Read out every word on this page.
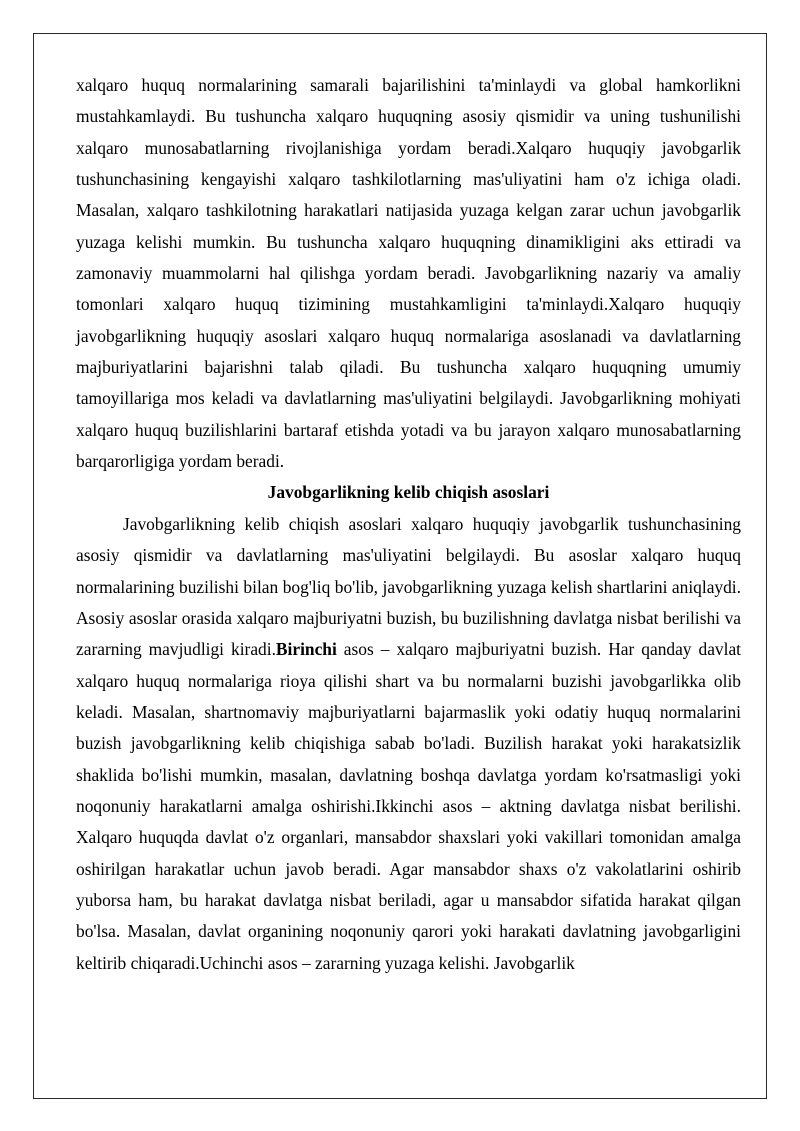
xalqaro huquq normalarining samarali bajarilishini ta'minlaydi va global hamkorlikni mustahkamlaydi. Bu tushuncha xalqaro huquqning asosiy qismidir va uning tushunilishi xalqaro munosabatlarning rivojlanishiga yordam beradi.Xalqaro huquqiy javobgarlik tushunchasining kengayishi xalqaro tashkilotlarning mas'uliyatini ham o'z ichiga oladi. Masalan, xalqaro tashkilotning harakatlari natijasida yuzaga kelgan zarar uchun javobgarlik yuzaga kelishi mumkin. Bu tushuncha xalqaro huquqning dinamikligini aks ettiradi va zamonaviy muammolarni hal qilishga yordam beradi. Javobgarlikning nazariy va amaliy tomonlari xalqaro huquq tizimining mustahkamligini ta'minlaydi.Xalqaro huquqiy javobgarlikning huquqiy asoslari xalqaro huquq normalariga asoslanadi va davlatlarning majburiyatlarini bajarishni talab qiladi. Bu tushuncha xalqaro huquqning umumiy tamoyillariga mos keladi va davlatlarning mas'uliyatini belgilaydi. Javobgarlikning mohiyati xalqaro huquq buzilishlarini bartaraf etishda yotadi va bu jarayon xalqaro munosabatlarning barqarorligiga yordam beradi.

Javobgarlikning kelib chiqish asoslari

Javobgarlikning kelib chiqish asoslari xalqaro huquqiy javobgarlik tushunchasining asosiy qismidir va davlatlarning mas'uliyatini belgilaydi. Bu asoslar xalqaro huquq normalarining buzilishi bilan bog'liq bo'lib, javobgarlikning yuzaga kelish shartlarini aniqlaydi. Asosiy asoslar orasida xalqaro majburiyatni buzish, bu buzilishning davlatga nisbat berilishi va zararning mavjudligi kiradi.Birinchi asos – xalqaro majburiyatni buzish. Har qanday davlat xalqaro huquq normalariga rioya qilishi shart va bu normalarni buzishi javobgarlikka olib keladi. Masalan, shartnomaviy majburiyatlarni bajarmaslik yoki odatiy huquq normalarini buzish javobgarlikning kelib chiqishiga sabab bo'ladi. Buzilish harakat yoki harakatsizlik shaklida bo'lishi mumkin, masalan, davlatning boshqa davlatga yordam ko'rsatmasligi yoki noqonuniy harakatlarni amalga oshirishi.Ikkinchi asos – aktning davlatga nisbat berilishi. Xalqaro huquqda davlat o'z organlari, mansabdor shaxslari yoki vakillari tomonidan amalga oshirilgan harakatlar uchun javob beradi. Agar mansabdor shaxs o'z vakolatlarini oshirib yuborsa ham, bu harakat davlatga nisbat beriladi, agar u mansabdor sifatida harakat qilgan bo'lsa. Masalan, davlat organining noqonuniy qarori yoki harakati davlatning javobgarligini keltirib chiqaradi.Uchinchi asos – zararning yuzaga kelishi. Javobgarlik
